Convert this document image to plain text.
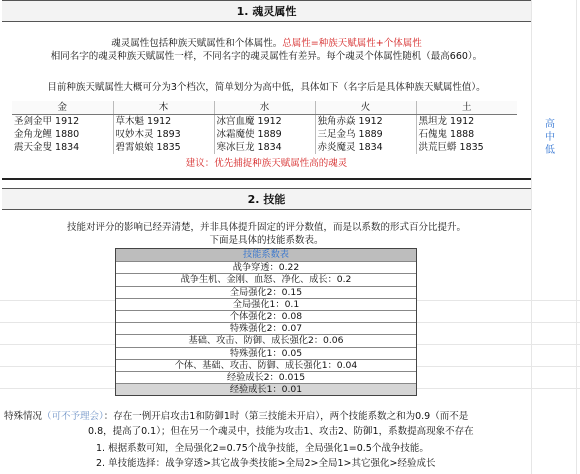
1. 魂灵属性
魂灵属性包括种族天赋属性和个体属性。总属性=种族天赋属性+个体属性
相同名字的魂灵种族天赋属性一样，不同名字的魂灵属性有差异。每个魂灵个体属性随机（最高660）。
目前种族天赋属性大概可分为3个档次，简单划分为高中低，具体如下（名字后是具体种族天赋属性值）。
金	木	水	火	土
圣剑金甲 1912	草木魁 1912	冰宫血魔 1912	独角赤焱 1912	黑坦龙 1912
金角龙鲤 1880	叹妙木灵 1893	冰霜魔使 1889	三足金乌 1889	石傀鬼 1888
震天金叟 1834	碧霄娘娘 1835	寒冰巨龙 1834	赤炎魔灵 1834	洪荒巨蟒 1835
建议：优先捕捉种族天赋属性高的魂灵
高
中
低
2. 技能
技能对评分的影响已经弄清楚，并非具体提升固定的评分数值，而是以系数的形式百分比提升。
下面是具体的技能系数表。
技能系数表
战争穿透：0.22
战争生机、金刚、血怒、净化、成长：0.2
全局强化2：0.15
全局强化1：0.1
个体强化2：0.08
特殊强化2：0.07
基础、攻击、防御、成长强化2：0.06
特殊强化1：0.05
个体、基础、攻击、防御、成长强化1：0.04
经验成长2：0.015
经验成长1：0.01
特殊情况（可不予理会）：存在一例开启攻击1和防御1时（第三技能未开启），两个技能系数之和为0.9（而不是
0.8，提高了0.1）；但在另一个魂灵中，技能为攻击1、攻击2、防御1，系数提高现象不存在
1. 根据系数可知，全局强化2=0.75个战争技能，全局强化1=0.5个战争技能。
2. 单技能选择：战争穿透>其它战争类技能>全局2>全局1>其它强化>经验成长
